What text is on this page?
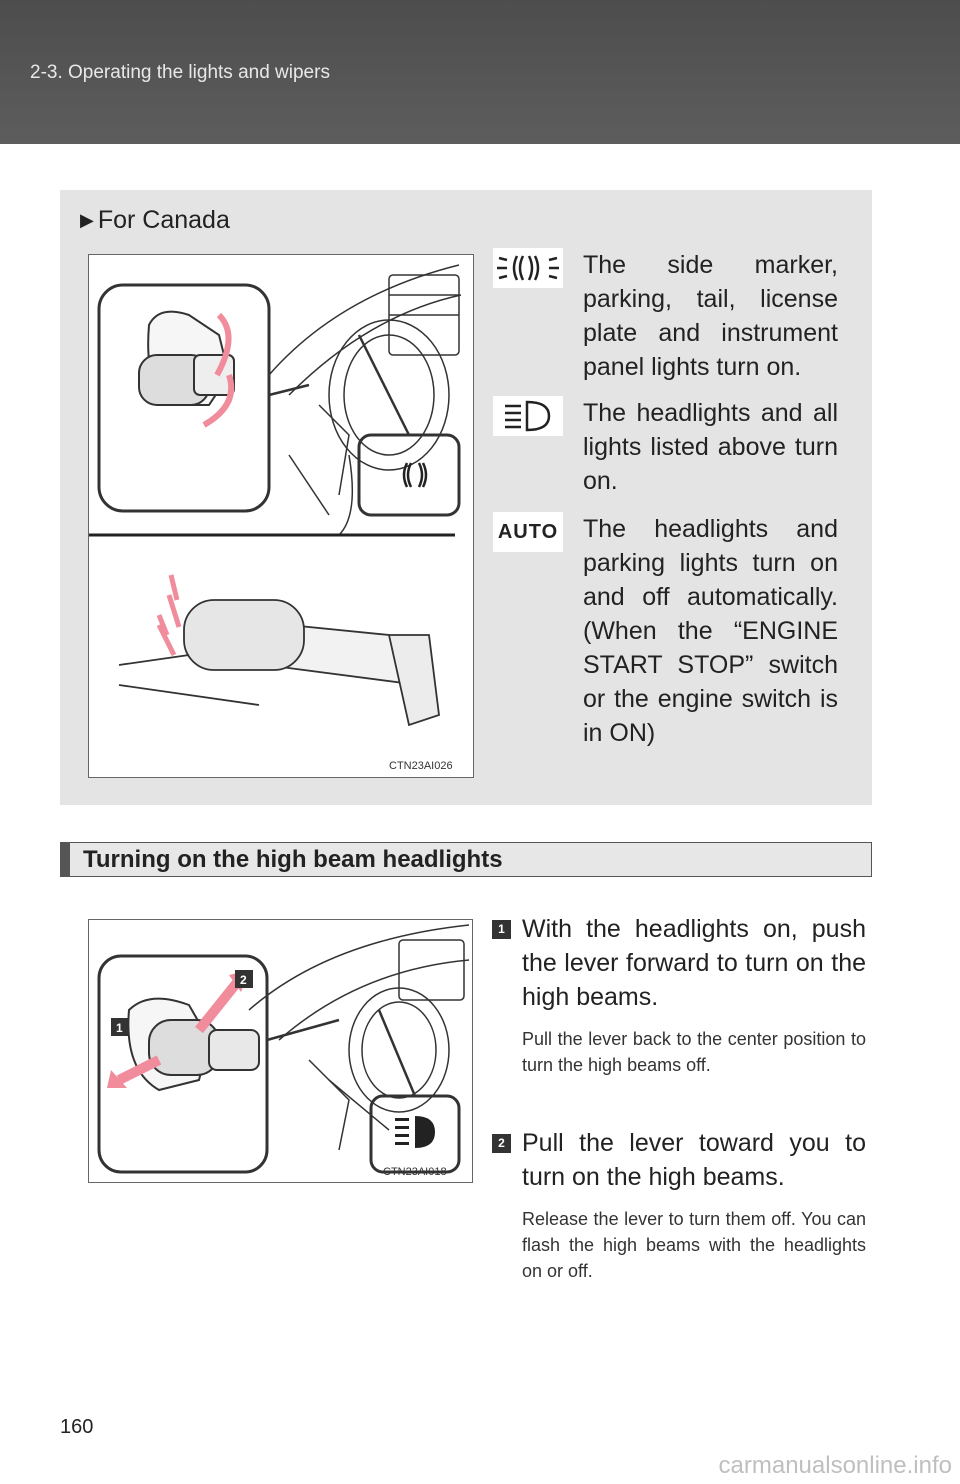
2-3. Operating the lights and wipers
▶ For Canada
CTN23AI026
The side marker, parking, tail, license plate and instrument panel lights turn on.
The headlights and all lights listed above turn on.
AUTO The headlights and parking lights turn on and off automatically. (When the “ENGINE START STOP” switch or the engine switch is in ON)
Turning on the high beam headlights
2
1
CTN23AI018
1 With the headlights on, push the lever forward to turn on the high beams.
Pull the lever back to the center position to turn the high beams off.
2 Pull the lever toward you to turn on the high beams.
Release the lever to turn them off. You can flash the high beams with the headlights on or off.
160
carmanualsonline.info
